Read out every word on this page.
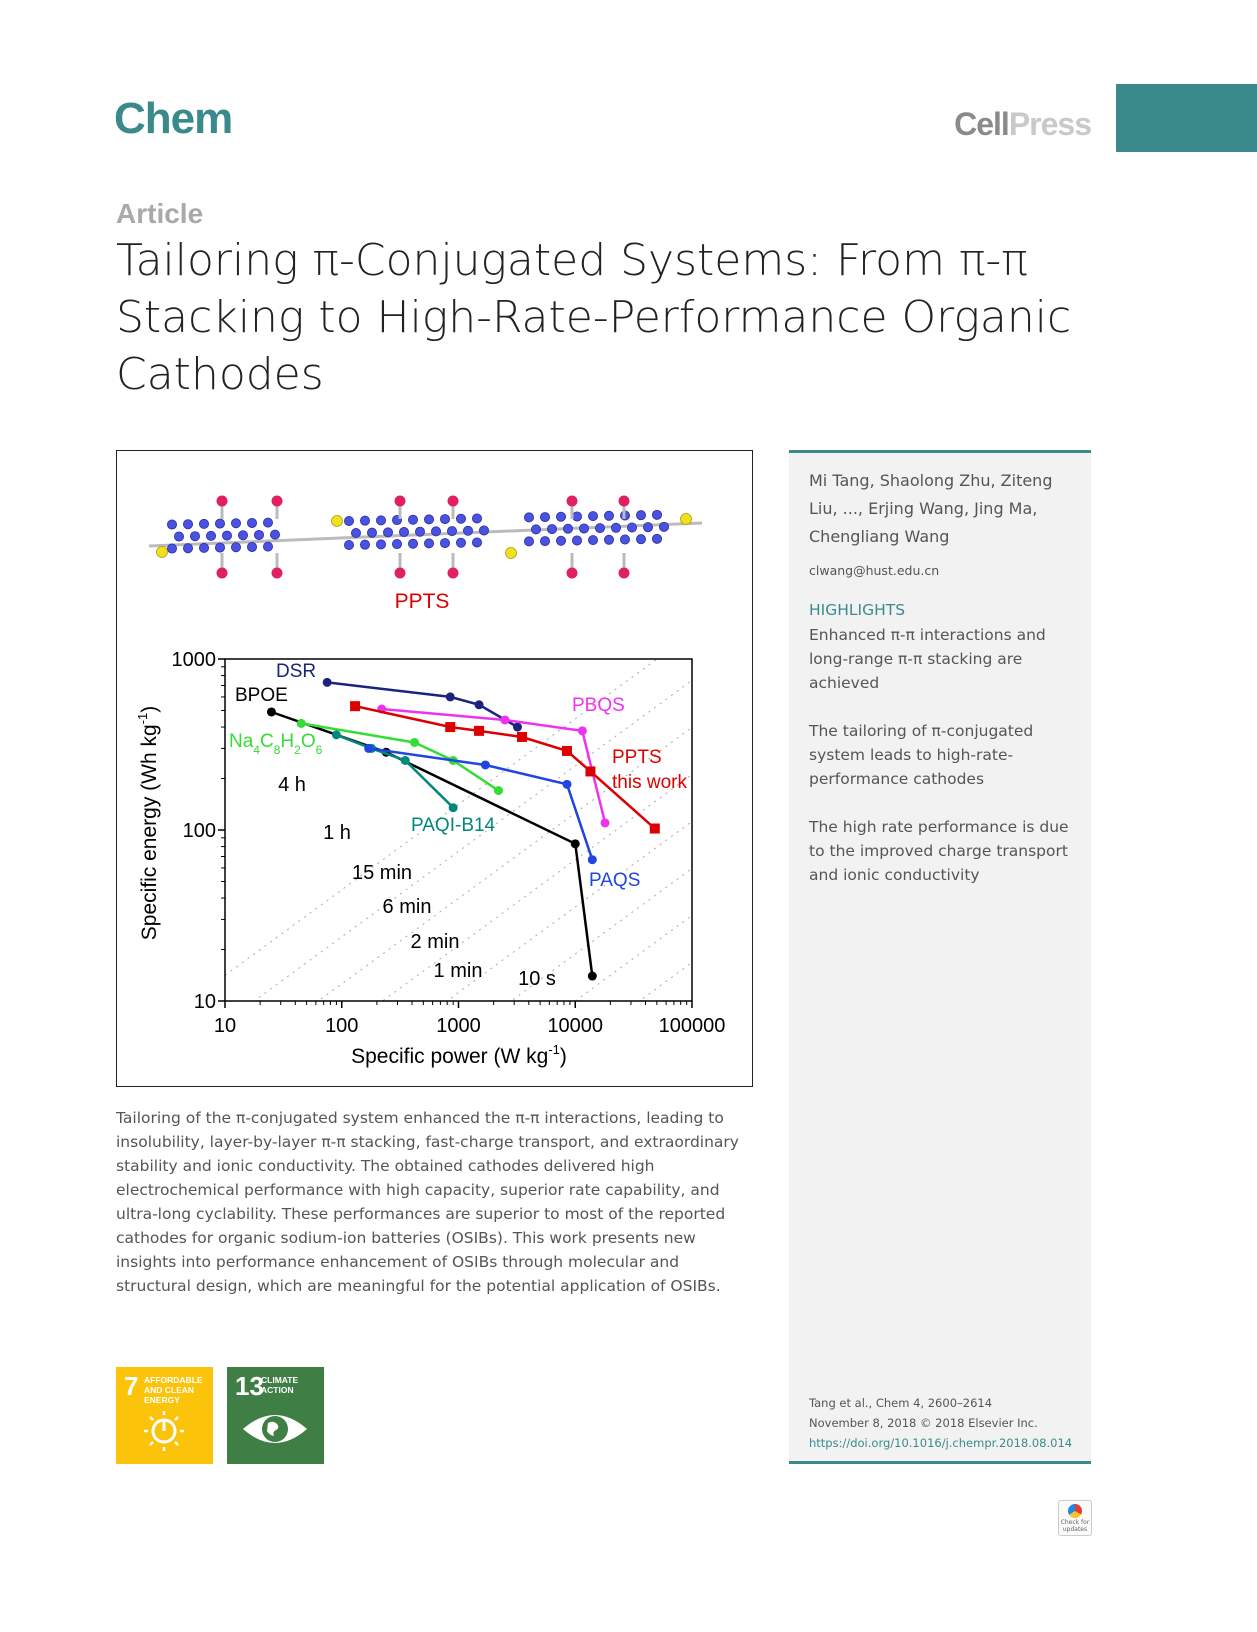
Chem	CellPress
Article
Tailoring π-Conjugated Systems: From π-π Stacking to High-Rate-Performance Organic Cathodes
PPTS
4 h
1 h
15 min
6 min
2 min
1 min 10 s
10	100	1000	10000	100000
10
100
1000
DSR
BPOE
$Na_4C_8H_2O_6$
PAQI-B14
PAQS
PBQS
PPTS
this work
Specific power (W $kg^{-1}$)
Specific energy (Wh $kg^{-1}$)
Tailoring of the π-conjugated system enhanced the π-π interactions, leading to insolubility, layer-by-layer π-π stacking, fast-charge transport, and extraordinary stability and ionic conductivity. The obtained cathodes delivered high electrochemical performance with high capacity, superior rate capability, and ultra-long cyclability. These performances are superior to most of the reported cathodes for organic sodium-ion batteries (OSIBs). This work presents new insights into performance enhancement of OSIBs through molecular and structural design, which are meaningful for the potential application of OSIBs.
Mi Tang, Shaolong Zhu, Ziteng Liu, ..., Erjing Wang, Jing Ma, Chengliang Wang
clwang@hust.edu.cn
HIGHLIGHTS
Enhanced π-π interactions and long-range π-π stacking are achieved
The tailoring of π-conjugated system leads to high-rate-performance cathodes
The high rate performance is due to the improved charge transport and ionic conductivity
Tang et al., Chem 4, 2600–2614
November 8, 2018 © 2018 Elsevier Inc.
https://doi.org/10.1016/j.chempr.2018.08.014
7 AFFORDABLE AND CLEAN ENERGY	13
CLIMATE ACTION
Check for updates
